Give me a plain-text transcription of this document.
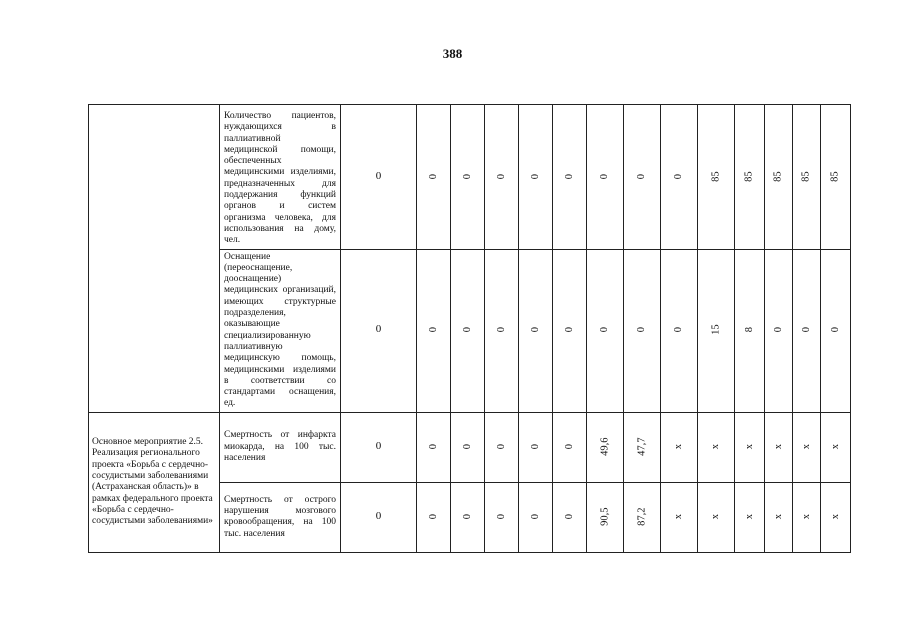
388
	Количество пациентов, нуждающихся в паллиативной медицинской помощи, обеспеченных медицинскими изделиями, предназначенных для поддержания функций органов и систем организма человека, для использования на дому, чел.	0	0	0	0	0	0	0	0	0	85	85	85	85	85
	Оснащение (переоснащение, дооснащение) медицинских организаций, имеющих структурные подразделения, оказывающие специализированную паллиативную медицинскую помощь, медицинскими изделиями в соответствии со стандартами оснащения, ед.	0	0	0	0	0	0	0	0	0	15	8	0	0	0
Основное мероприятие 2.5. Реализация регионального проекта «Борьба с сердечно-сосудистыми заболеваниями (Астраханская область)» в рамках федерального проекта «Борьба с сердечно-сосудистыми заболеваниями»	Смертность от инфаркта миокарда, на 100 тыс. населения	0	0	0	0	0	0	49,6	47,7	x	x	x	x	x	x
	Смертность от острого нарушения мозгового кровообращения, на 100 тыс. населения	0	0	0	0	0	0	90,5	87,2	x	x	x	x	x	x
